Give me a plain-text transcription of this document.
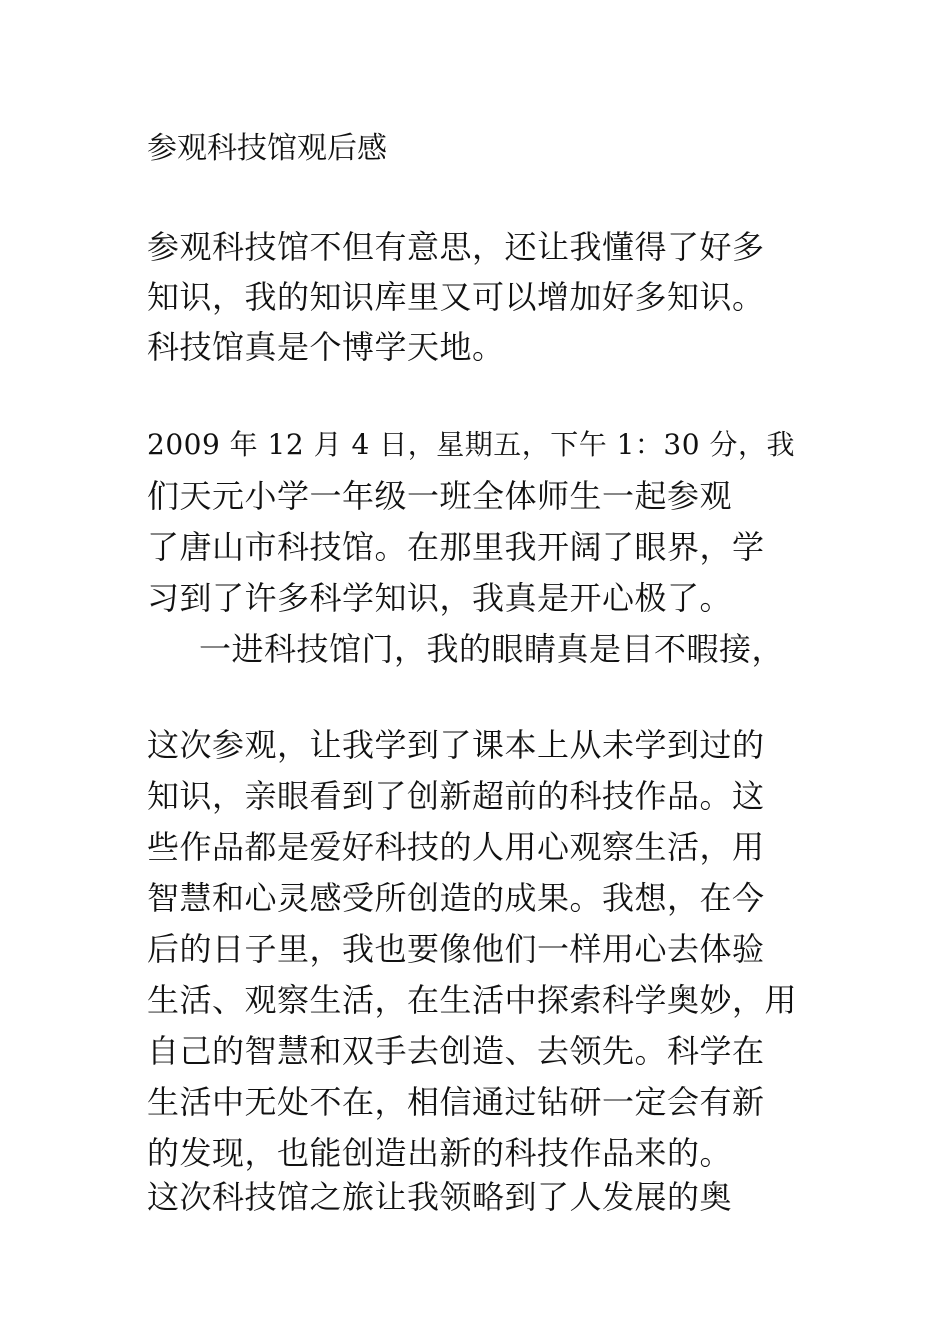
参观科技馆观后感
参观科技馆不但有意思，还让我懂得了好多
知识，我的知识库里又可以增加好多知识。
科技馆真是个博学天地。
2009 年 12 月 4 日，星期五，下午 1：30 分，我
们天元小学一年级一班全体师生一起参观
了唐山市科技馆。在那里我开阔了眼界，学
习到了许多科学知识，我真是开心极了。
一进科技馆门，我的眼睛真是目不暇接，
这次参观，让我学到了课本上从未学到过的
知识，亲眼看到了创新超前的科技作品。这
些作品都是爱好科技的人用心观察生活，用
智慧和心灵感受所创造的成果。我想，在今
后的日子里，我也要像他们一样用心去体验
生活、观察生活，在生活中探索科学奥妙，用
自己的智慧和双手去创造、去领先。科学在
生活中无处不在，相信通过钻研一定会有新
的发现，也能创造出新的科技作品来的。
这次科技馆之旅让我领略到了人发展的奥
